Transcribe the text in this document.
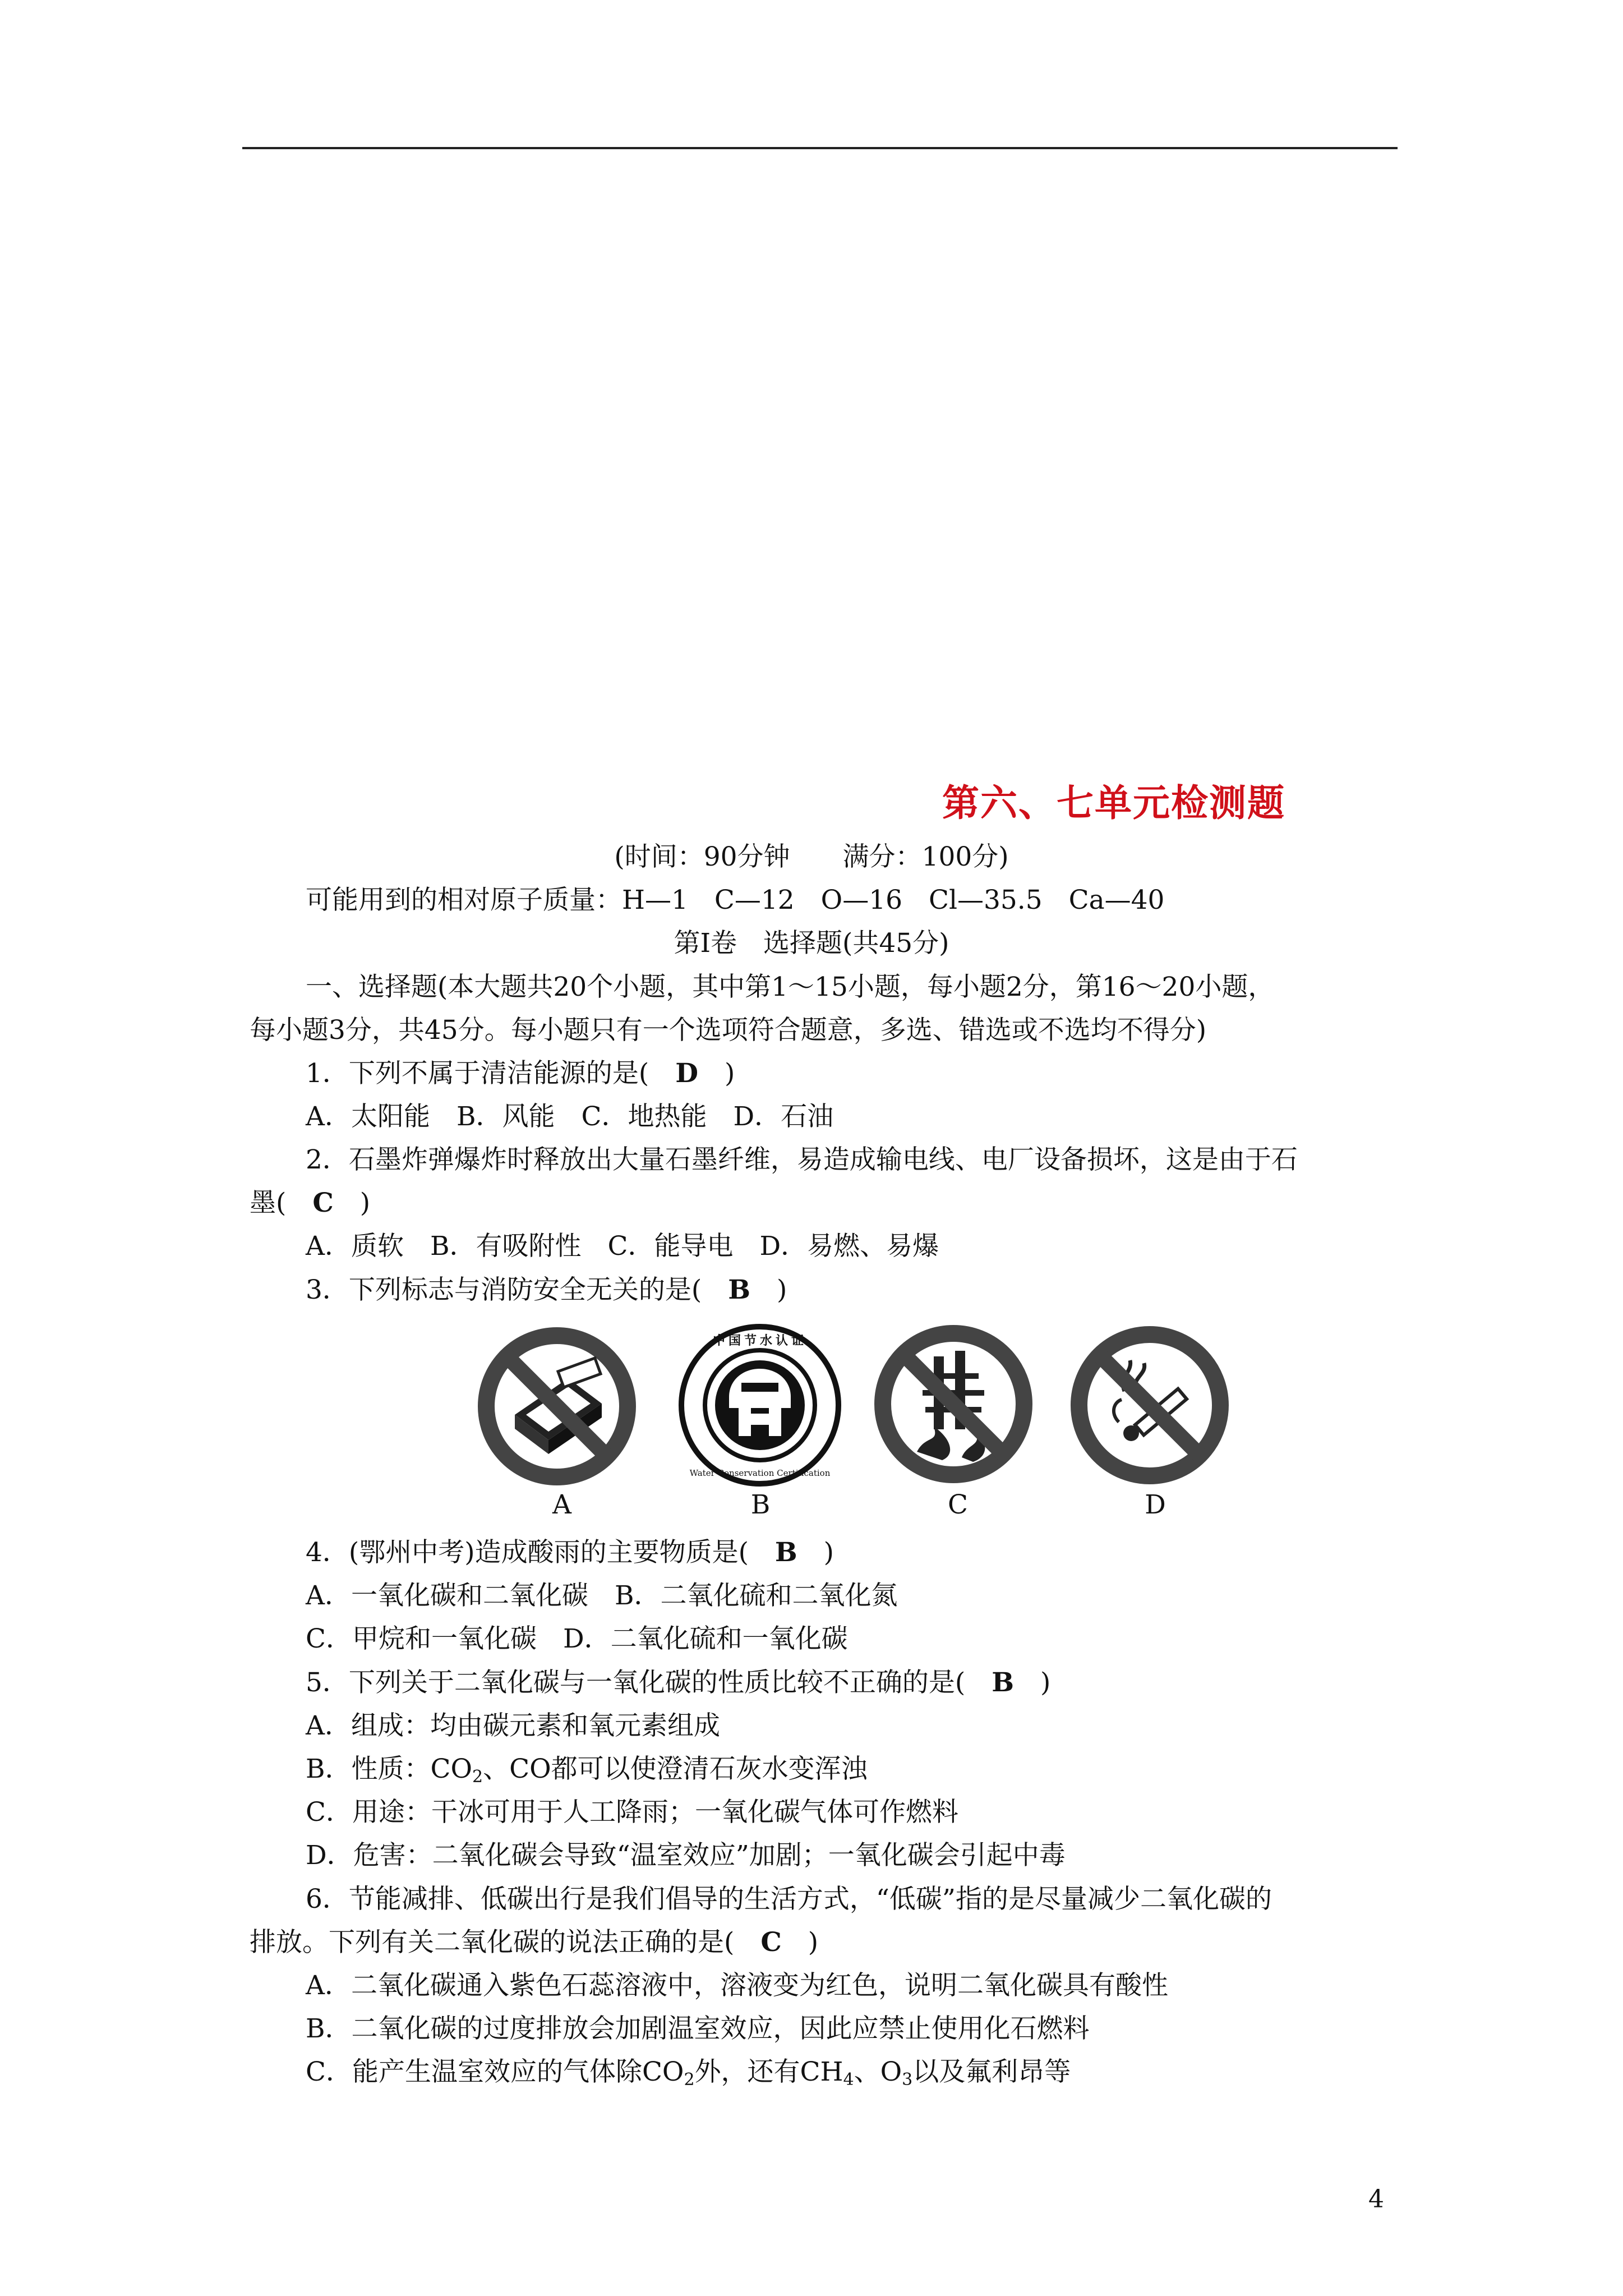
第六、七单元检测题
(时间：90分钟　　满分：100分)
可能用到的相对原子质量：H—1　C—12　O—16　Cl—35.5　Ca—40
第Ⅰ卷　选择题(共45分)
一、选择题(本大题共20个小题，其中第1～15小题，每小题2分，第16～20小题，
每小题3分，共45分。每小题只有一个选项符合题意，多选、错选或不选均不得分)
1．下列不属于清洁能源的是(　D　)
A．太阳能　B．风能　C．地热能　D．石油
2．石墨炸弹爆炸时释放出大量石墨纤维，易造成输电线、电厂设备损坏，这是由于石
墨(　C　)
A．质软　B．有吸附性　C．能导电　D．易燃、易爆
3．下列标志与消防安全无关的是(　B　)
中国节水认证
Water Conservation Certification
A	B	C	D
4．(鄂州中考)造成酸雨的主要物质是(　B　)
A．一氧化碳和二氧化碳　B．二氧化硫和二氧化氮
C．甲烷和一氧化碳　D．二氧化硫和一氧化碳
5．下列关于二氧化碳与一氧化碳的性质比较不正确的是(　B　)
A．组成：均由碳元素和氧元素组成
B．性质：$CO_2$、CO都可以使澄清石灰水变浑浊
C．用途：干冰可用于人工降雨；一氧化碳气体可作燃料
D．危害：二氧化碳会导致“温室效应”加剧；一氧化碳会引起中毒
6．节能减排、低碳出行是我们倡导的生活方式，“低碳”指的是尽量减少二氧化碳的
排放。下列有关二氧化碳的说法正确的是(　C　)
A．二氧化碳通入紫色石蕊溶液中，溶液变为红色，说明二氧化碳具有酸性
B．二氧化碳的过度排放会加剧温室效应，因此应禁止使用化石燃料
C．能产生温室效应的气体除$CO_2$外，还有$CH_4$、$O_3$以及氟利昂等
4
